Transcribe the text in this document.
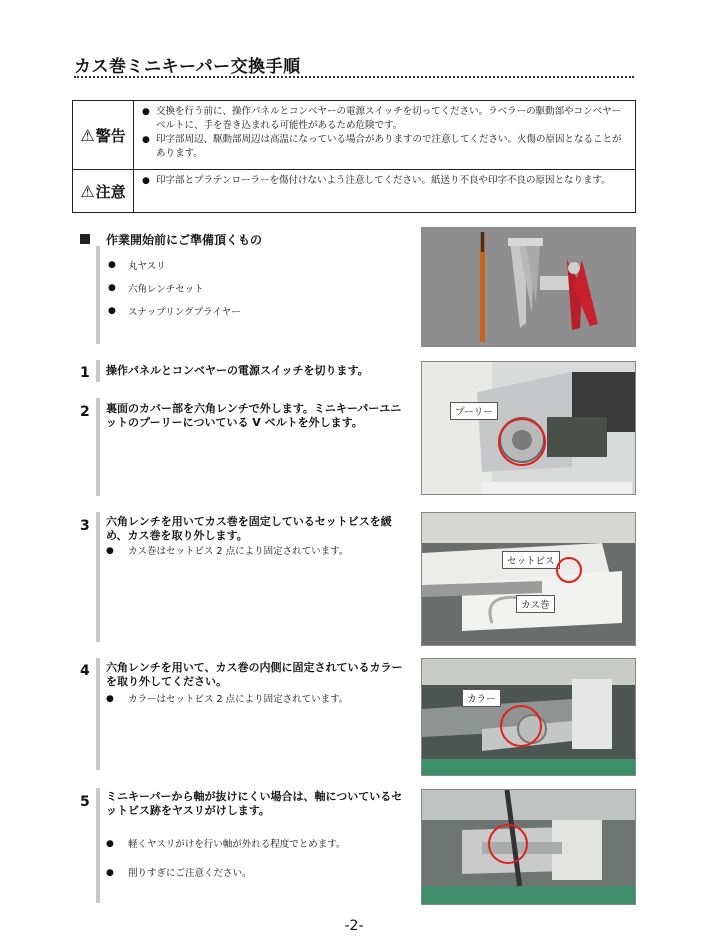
カス巻ミニキーパー交換手順
⚠ 警告
● 交換を行う前に、操作パネルとコンベヤーの電源スイッチを切ってください。ラベラーの駆動部やコンベヤーベルトに、手を巻き込まれる可能性があるため危険です。
● 印字部周辺、駆動部周辺は高温になっている場合がありますので注意してください。火傷の原因となることがあります。
⚠ 注意
● 印字部とプラテンローラーを傷付けないよう注意してください。紙送り不良や印字不良の原因となります。
作業開始前にご準備頂くもの
●	丸ヤスリ
●	六角レンチセット
●	スナップリングプライヤー
1 操作パネルとコンベヤーの電源スイッチを切ります。
2 裏面のカバー部を六角レンチで外します。ミニキーパーユニットのプーリーについている V ベルトを外します。
プーリー
3 六角レンチを用いてカス巻を固定しているセットビスを緩め、カス巻を取り外します。
●	カス巻はセットビス 2 点により固定されています。
セットビス
カス巻
4 六角レンチを用いて、カス巻の内側に固定されているカラーを取り外してください。
●	カラーはセットビス 2 点により固定されています。	カラー
5 ミニキーパーから軸が抜けにくい場合は、軸についているセットビス跡をヤスリがけします。
●	軽くヤスリがけを行い軸が外れる程度でとめます。
●	削りすぎにご注意ください。
-2-
